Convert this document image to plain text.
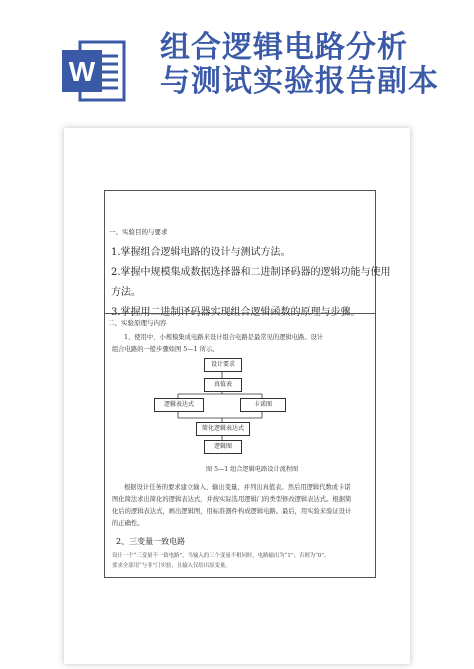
W
组合逻辑电路分析
与测试实验报告副本
一、实验目的与要求
1.掌握组合逻辑电路的设计与测试方法。
2.掌握中规模集成数据选择器和二进制译码器的逻辑功能与使用
方法。
3.掌握用二进制译码器实现组合逻辑函数的原理与步骤。
二、实验原理与内容
1、使用中、小规模集成电路来设计组合电路是最常见的逻辑电路。设计
组合电路的一般步骤如图 5—1 所示。
设计要求
真值表
逻辑表达式	卡诺图
简化逻辑表达式
逻辑图
图 5—1 组合逻辑电路设计流程图
根据设计任务的要求建立输入、输出变量，并列出真值表。然后用逻辑代数或卡诺
图化简法求出简化的逻辑表达式，并按实际选用逻辑门的类型修改逻辑表达式。根据简
化后的逻辑表达式，画出逻辑图，用标准器件构成逻辑电路。最后，用实验来验证设计
的正确性。
2、三变量一致电路
设计一个“三变量不一致电路”，当输入的三个变量不相同时，电路输出为“1”；否则为“0”。
要求全部用“与非”门实验，且输入仅给出原变量。
